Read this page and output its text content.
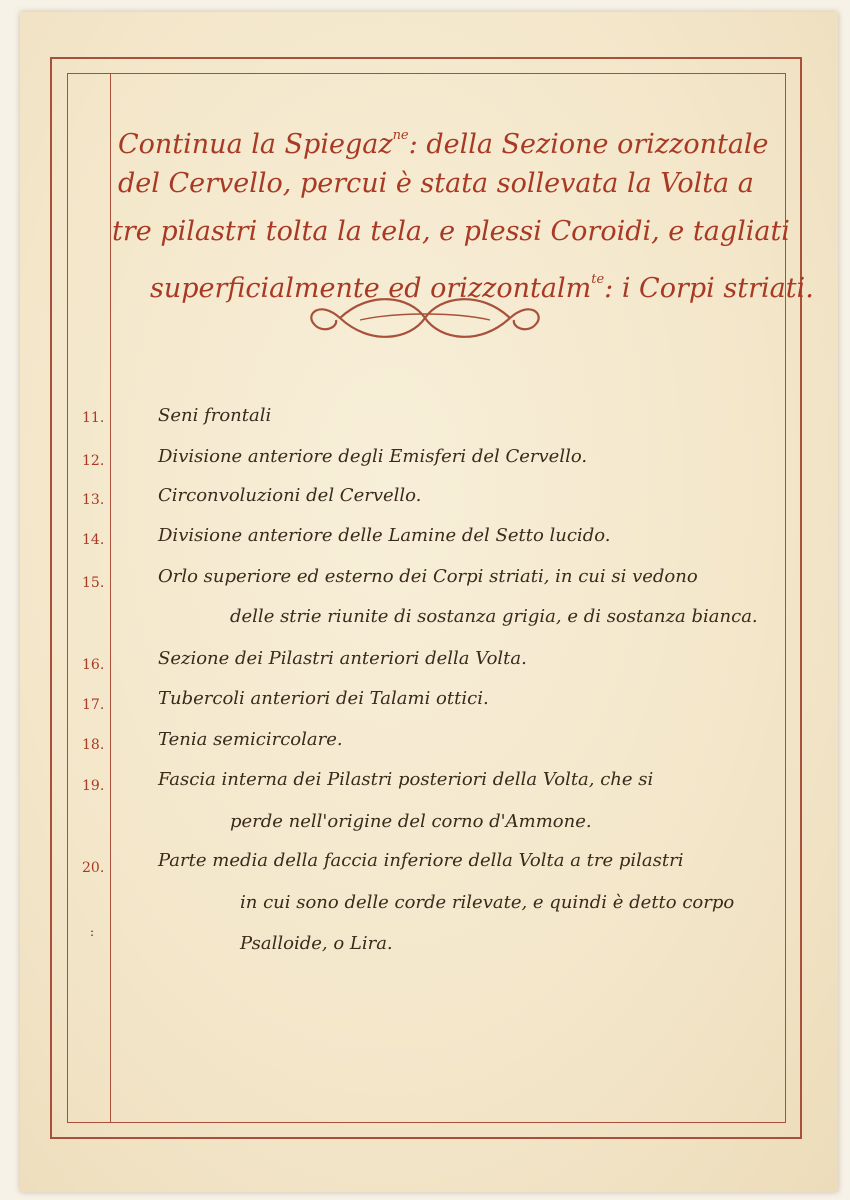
Continua la Spiegaz$^{ne}$: della Sezione orizzontale
del Cervello, percui è stata sollevata la Volta a
tre pilastri tolta la tela, e plessi Coroidi, e tagliati
superficialmente ed orizzontalm$^{te}$: i Corpi striati.
11.	Seni frontali
12.	Divisione anteriore degli Emisferi del Cervello.
13.	Circonvoluzioni del Cervello.
14.	Divisione anteriore delle Lamine del Setto lucido.
15.	Orlo superiore ed esterno dei Corpi striati, in cui si vedono
delle strie riunite di sostanza grigia, e di sostanza bianca.
16.	Sezione dei Pilastri anteriori della Volta.
17.	Tubercoli anteriori dei Talami ottici.
18.	Tenia semicircolare.
19.	Fascia interna dei Pilastri posteriori della Volta, che si
perde nell'origine del corno d'Ammone.
20.	Parte media della faccia inferiore della Volta a tre pilastri
in cui sono delle corde rilevate, e quindi è detto corpo
Psalloide, o Lira.
:
